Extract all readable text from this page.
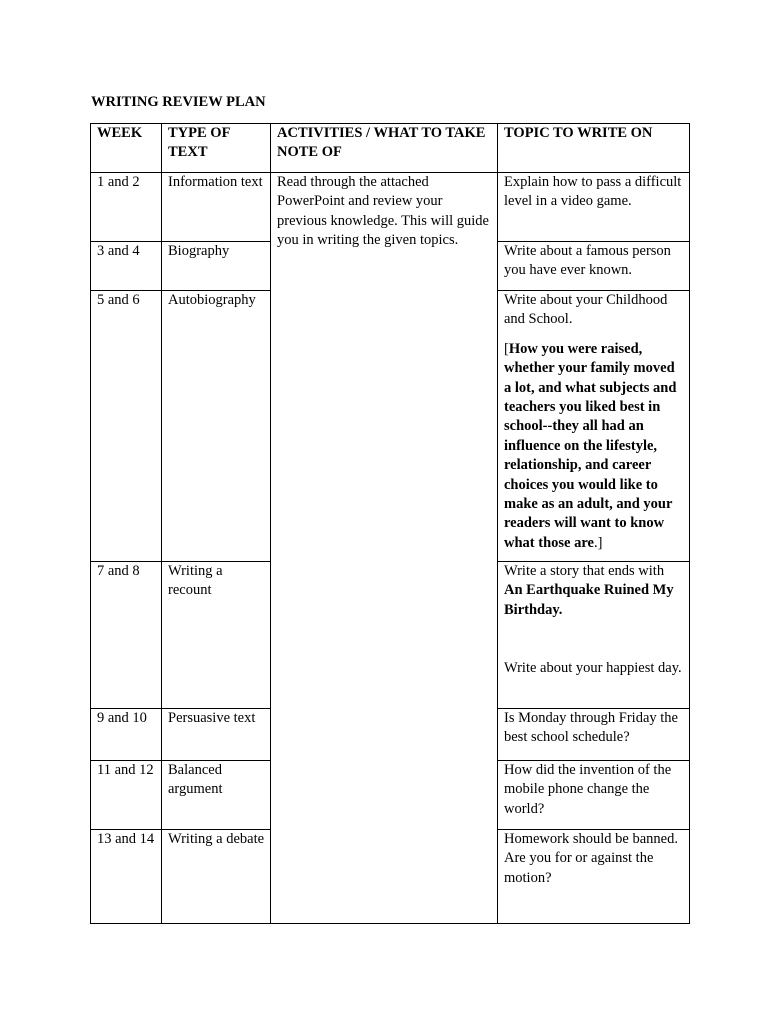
WRITING REVIEW PLAN
WEEK	TYPE OF TEXT	ACTIVITIES / WHAT TO TAKE NOTE OF	TOPIC TO WRITE ON
1 and 2	Information text	Read through the attached PowerPoint and review your previous knowledge. This will guide you in writing the given topics.	Explain how to pass a difficult level in a video game.
3 and 4	Biography		Write about a famous person you have ever known.
5 and 6	Autobiography		Write about your Childhood and School.
[How you were raised, whether your family moved a lot, and what subjects and teachers you liked best in school--they all had an influence on the lifestyle, relationship, and career choices you would like to make as an adult, and your readers will want to know what those are.]

7 and 8	Writing a recount		Write a story that ends with
An Earthquake Ruined My Birthday.
Write about your happiest day.

9 and 10	Persuasive text		Is Monday through Friday the best school schedule?
11 and 12	Balanced argument		How did the invention of the mobile phone change the world?
13 and 14	Writing a debate		Homework should be banned. Are you for or against the motion?
